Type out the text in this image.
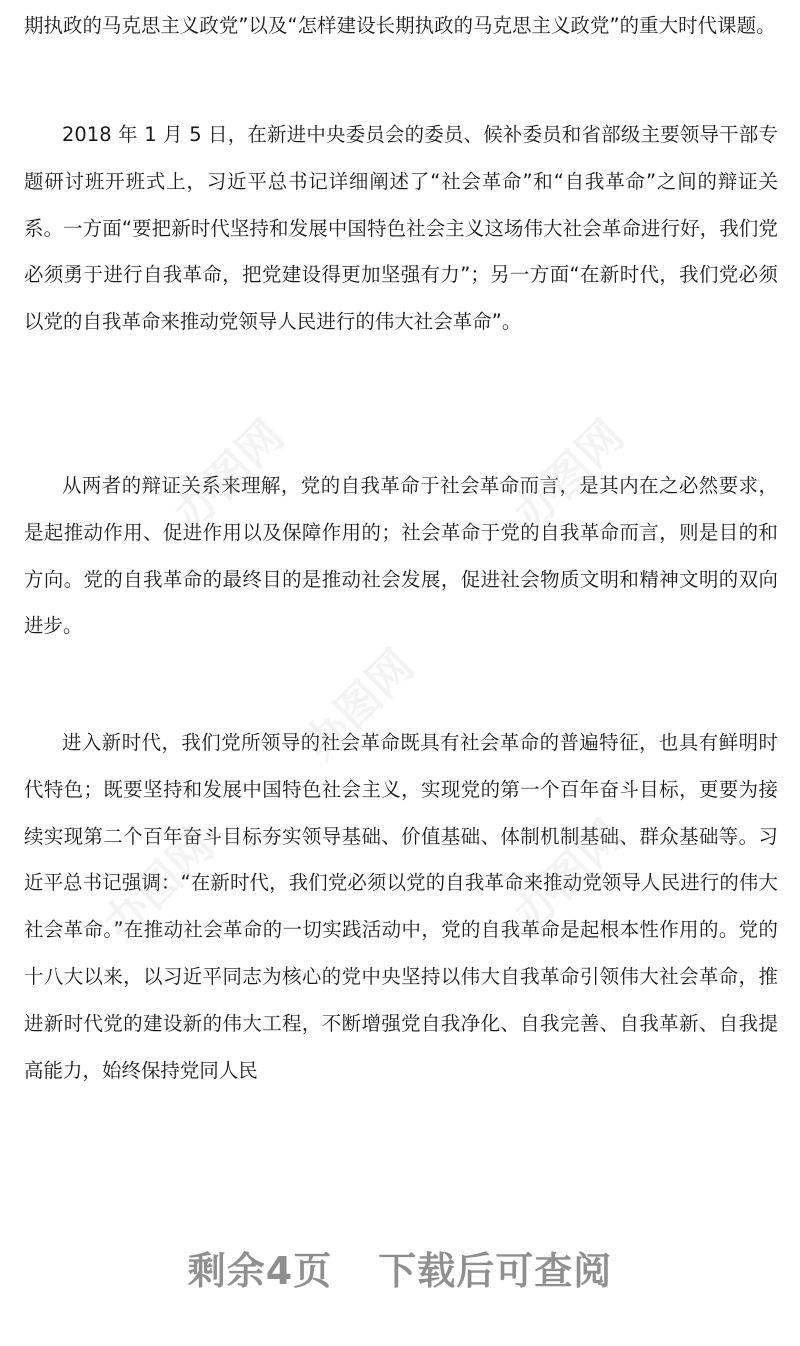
期执政的马克思主义政党”以及“怎样建设长期执政的马克思主义政党”的重大时代课题。

2018 年 1 月 5 日，在新进中央委员会的委员、候补委员和省部级主要领导干部专题研讨班开班式上，习近平总书记详细阐述了“社会革命”和“自我革命”之间的辩证关系。一方面“要把新时代坚持和发展中国特色社会主义这场伟大社会革命进行好，我们党必须勇于进行自我革命，把党建设得更加坚强有力”；另一方面“在新时代，我们党必须以党的自我革命来推动党领导人民进行的伟大社会革命”。

从两者的辩证关系来理解，党的自我革命于社会革命而言，是其内在之必然要求，是起推动作用、促进作用以及保障作用的；社会革命于党的自我革命而言，则是目的和方向。党的自我革命的最终目的是推动社会发展，促进社会物质文明和精神文明的双向进步。

进入新时代，我们党所领导的社会革命既具有社会革命的普遍特征，也具有鲜明时代特色；既要坚持和发展中国特色社会主义，实现党的第一个百年奋斗目标，更要为接续实现第二个百年奋斗目标夯实领导基础、价值基础、体制机制基础、群众基础等。习近平总书记强调：“在新时代，我们党必须以党的自我革命来推动党领导人民进行的伟大社会革命。”在推动社会革命的一切实践活动中，党的自我革命是起根本性作用的。党的十八大以来，以习近平同志为核心的党中央坚持以伟大自我革命引领伟大社会革命，推进新时代党的建设新的伟大工程，不断增强党自我净化、自我完善、自我革新、自我提高能力，始终保持党同人民

办图网	办图网
办图网
办图网	办图网
剩余4页 下载后可查阅
